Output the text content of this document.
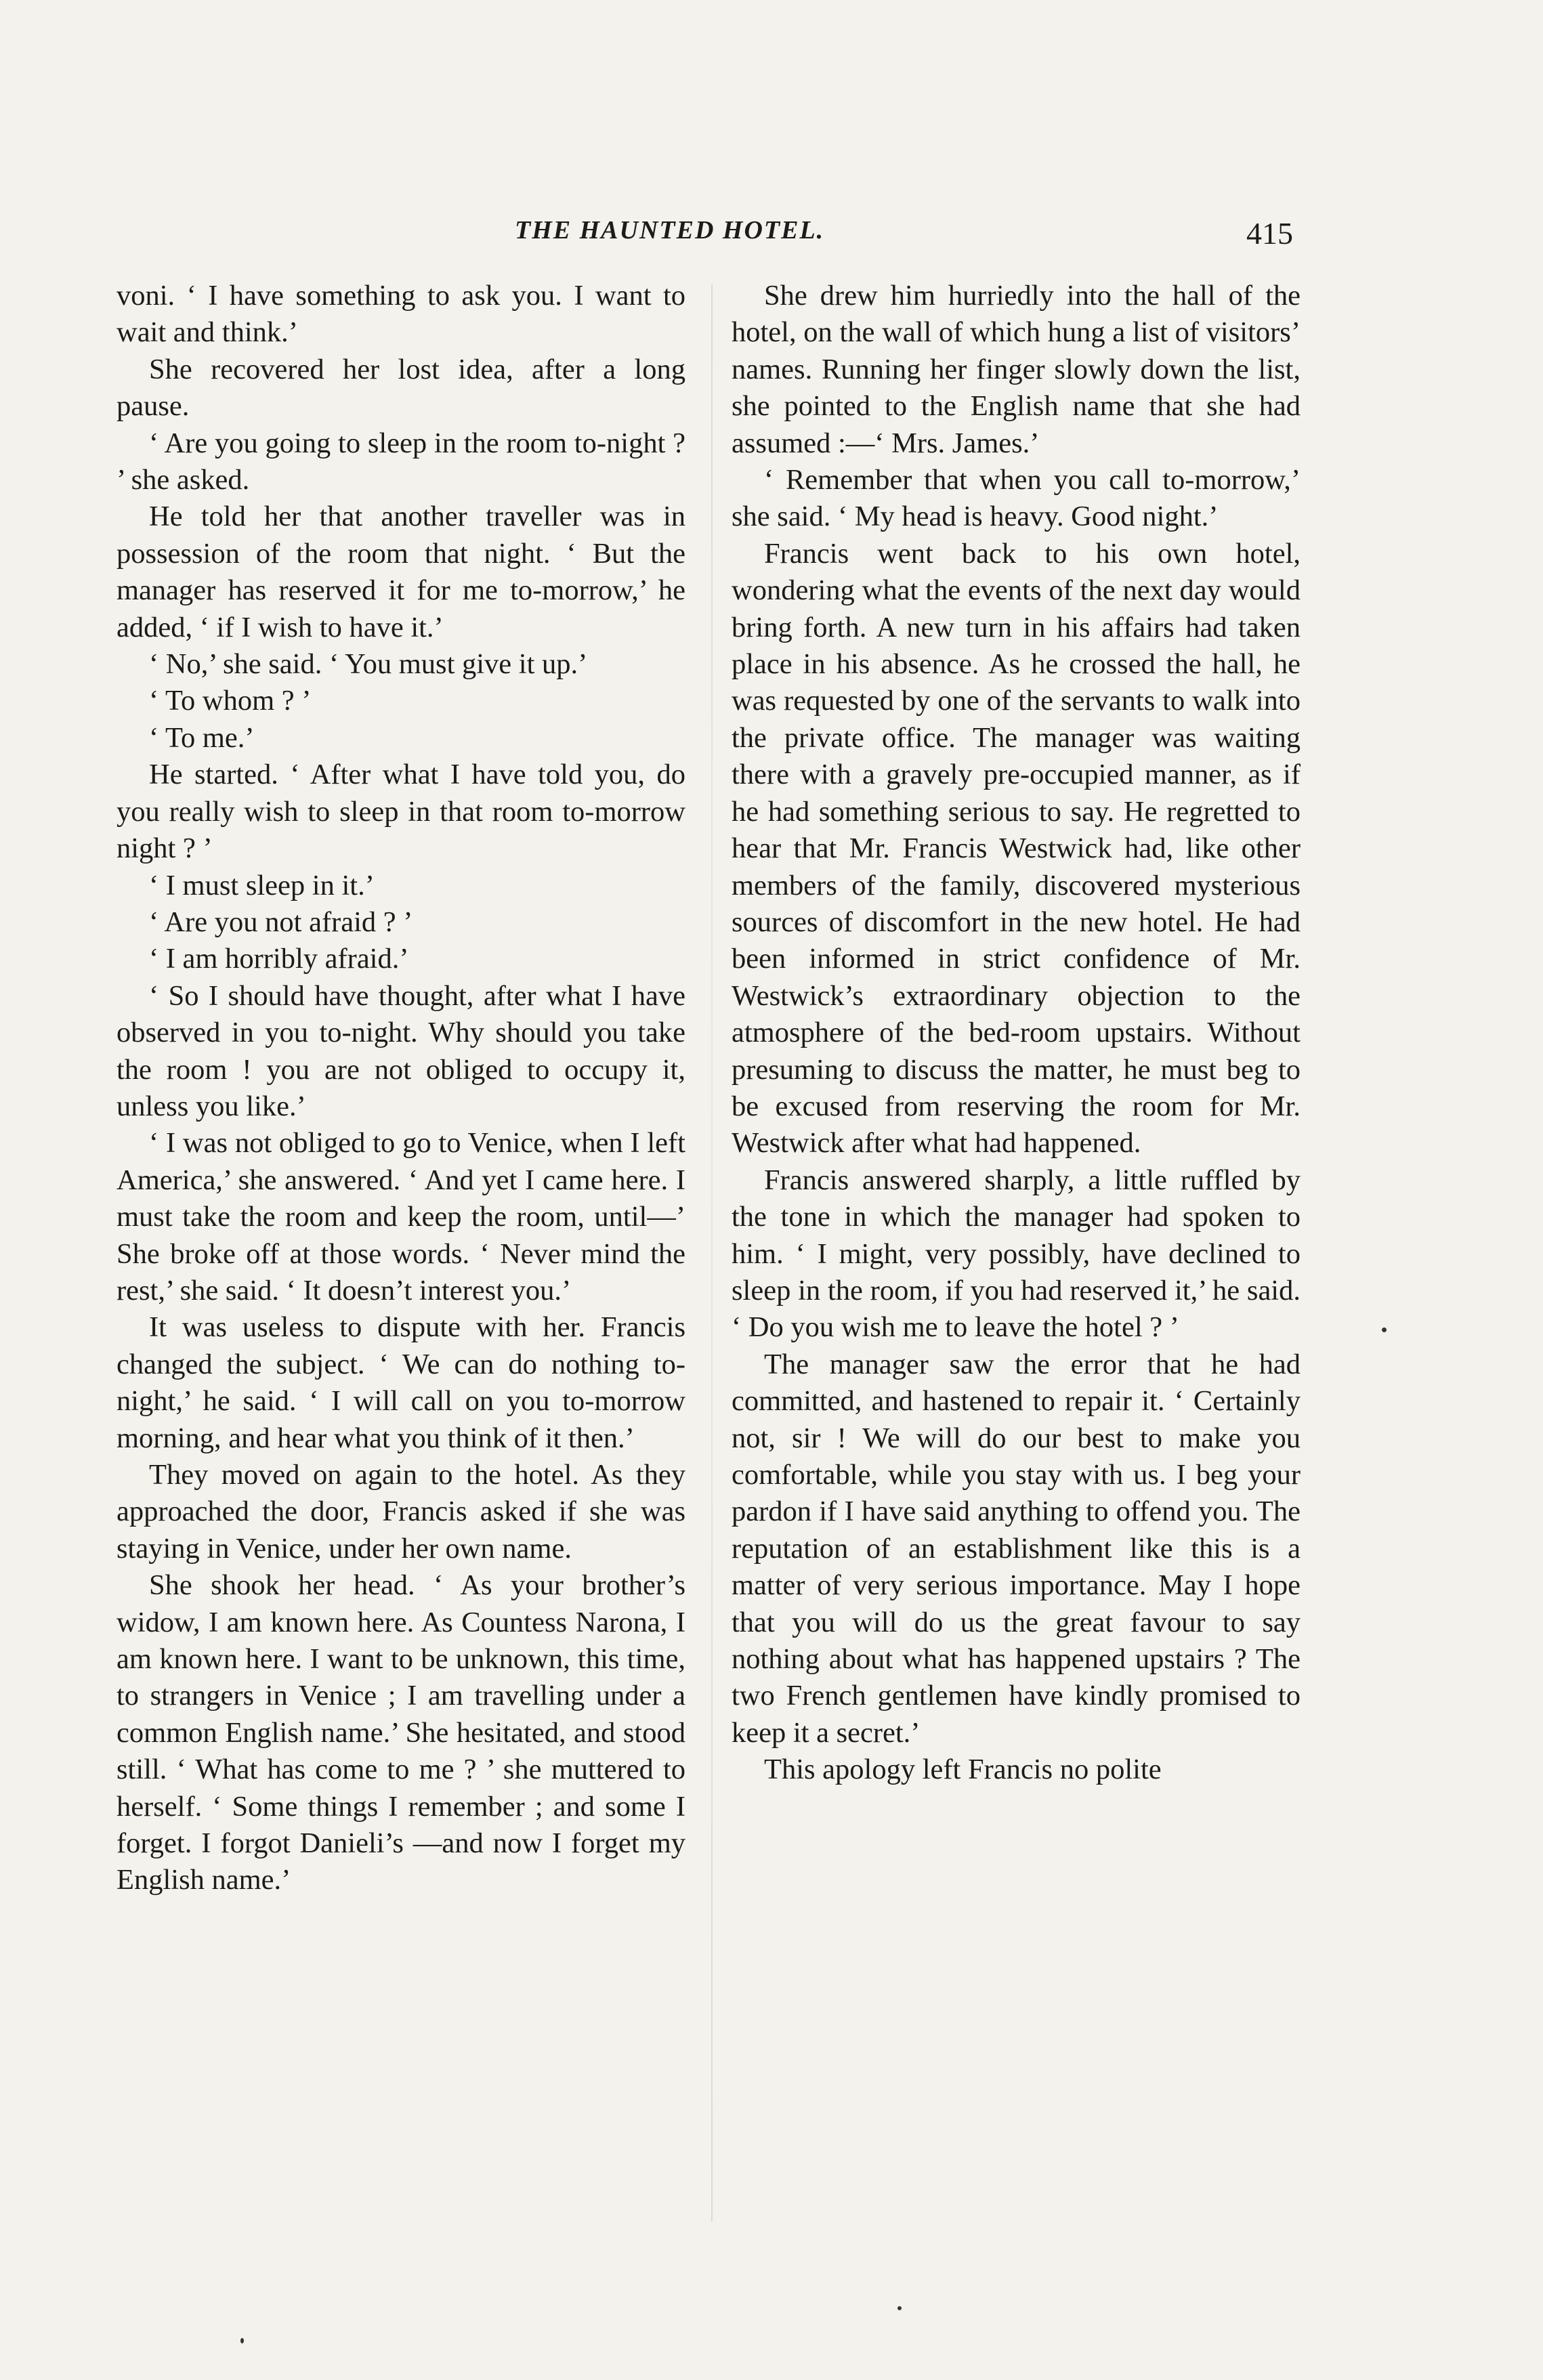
THE HAUNTED HOTEL.	415

voni. ‘ I have something to ask you. I want to wait and think.’

She recovered her lost idea, after a long pause.

‘ Are you going to sleep in the room to-night ? ’ she asked.

He told her that another traveller was in possession of the room that night. ‘ But the manager has reserved it for me to-morrow,’ he added, ‘ if I wish to have it.’

‘ No,’ she said. ‘ You must give it up.’

‘ To whom ? ’

‘ To me.’

He started. ‘ After what I have told you, do you really wish to sleep in that room to-morrow night ? ’

‘ I must sleep in it.’

‘ Are you not afraid ? ’

‘ I am horribly afraid.’

‘ So I should have thought, after what I have observed in you to-night. Why should you take the room ! you are not obliged to occupy it, unless you like.’

‘ I was not obliged to go to Venice, when I left America,’ she answered. ‘ And yet I came here. I must take the room and keep the room, until—’ She broke off at those words. ‘ Never mind the rest,’ she said. ‘ It doesn’t interest you.’

It was useless to dispute with her. Francis changed the subject. ‘ We can do nothing to-night,’ he said. ‘ I will call on you to-morrow morning, and hear what you think of it then.’

They moved on again to the hotel. As they approached the door, Francis asked if she was staying in Venice, under her own name.

She shook her head. ‘ As your brother’s widow, I am known here. As Countess Narona, I am known here. I want to be unknown, this time, to strangers in Venice ; I am travelling under a common English name.’ She hesitated, and stood still. ‘ What has come to me ? ’ she muttered to herself. ‘ Some things I remember ; and some I forget. I forgot Danieli’s —and now I forget my English name.’

She drew him hurriedly into the hall of the hotel, on the wall of which hung a list of visitors’ names. Running her finger slowly down the list, she pointed to the English name that she had assumed :—‘ Mrs. James.’

‘ Remember that when you call to-morrow,’ she said. ‘ My head is heavy. Good night.’

Francis went back to his own hotel, wondering what the events of the next day would bring forth. A new turn in his affairs had taken place in his absence. As he crossed the hall, he was requested by one of the servants to walk into the private office. The manager was waiting there with a gravely pre-occupied manner, as if he had something serious to say. He regretted to hear that Mr. Francis Westwick had, like other members of the family, discovered mysterious sources of discomfort in the new hotel. He had been informed in strict confidence of Mr. Westwick’s extraordinary objection to the atmosphere of the bed-room upstairs. Without presuming to discuss the matter, he must beg to be excused from reserving the room for Mr. Westwick after what had happened.

Francis answered sharply, a little ruffled by the tone in which the manager had spoken to him. ‘ I might, very possibly, have declined to sleep in the room, if you had reserved it,’ he said. ‘ Do you wish me to leave the hotel ? ’

The manager saw the error that he had committed, and hastened to repair it. ‘ Certainly not, sir ! We will do our best to make you comfortable, while you stay with us. I beg your pardon if I have said anything to offend you. The reputation of an establishment like this is a matter of very serious importance. May I hope that you will do us the great favour to say nothing about what has happened upstairs ? The two French gentlemen have kindly promised to keep it a secret.’

This apology left Francis no polite
